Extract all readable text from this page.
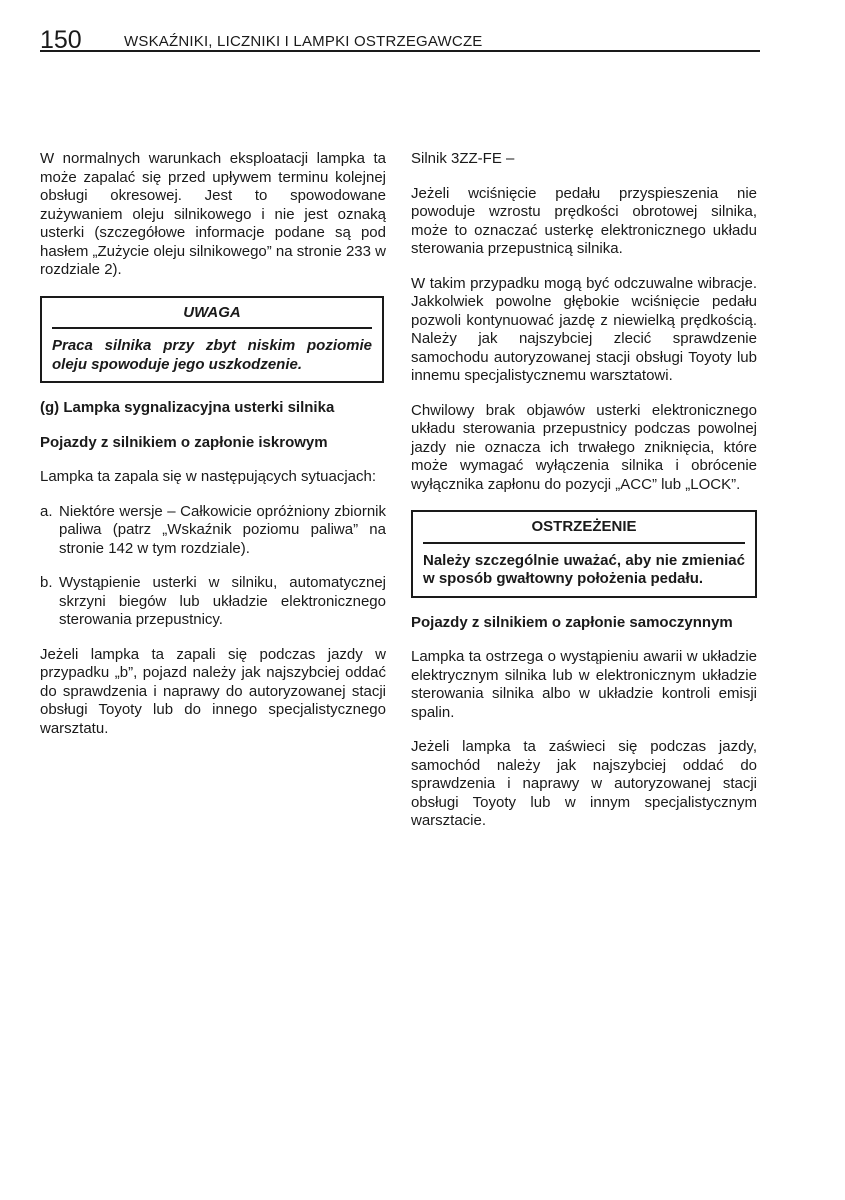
150	WSKAŹNIKI, LICZNIKI I LAMPKI OSTRZEGAWCZE

W normalnych warunkach eksploatacji lampka ta może zapalać się przed upływem terminu kolejnej obsługi okresowej. Jest to spowodowane zużywaniem oleju silnikowego i nie jest oznaką usterki (szczegółowe informacje podane są pod hasłem „Zużycie oleju silnikowego” na stronie 233 w rozdziale 2).

UWAGA
Praca silnika przy zbyt niskim poziomie oleju spowoduje jego uszkodzenie.

(g) Lampka sygnalizacyjna usterki silnika

Pojazdy z silnikiem o zapłonie iskrowym

Lampka ta zapala się w następujących sytuacjach:

a. Niektóre wersje – Całkowicie opróżniony zbiornik paliwa (patrz „Wskaźnik poziomu paliwa” na stronie 142 w tym rozdziale).
b. Wystąpienie usterki w silniku, automatycznej skrzyni biegów lub układzie elektronicznego sterowania przepustnicy.

Jeżeli lampka ta zapali się podczas jazdy w przypadku „b”, pojazd należy jak najszybciej oddać do sprawdzenia i naprawy do autoryzowanej stacji obsługi Toyoty lub do innego specjalistycznego warsztatu.

Silnik 3ZZ-FE –

Jeżeli wciśnięcie pedału przyspieszenia nie powoduje wzrostu prędkości obrotowej silnika, może to oznaczać usterkę elektronicznego układu sterowania przepustnicą silnika.

W takim przypadku mogą być odczuwalne wibracje. Jakkolwiek powolne głębokie wciśnięcie pedału pozwoli kontynuować jazdę z niewielką prędkością. Należy jak najszybciej zlecić sprawdzenie samochodu autoryzowanej stacji obsługi Toyoty lub innemu specjalistycznemu warsztatowi.

Chwilowy brak objawów usterki elektronicznego układu sterowania przepustnicy podczas powolnej jazdy nie oznacza ich trwałego zniknięcia, które może wymagać wyłączenia silnika i obrócenie wyłącznika zapłonu do pozycji „ACC” lub „LOCK”.

OSTRZEŻENIE
Należy szczególnie uważać, aby nie zmieniać w sposób gwałtowny położenia pedału.

Pojazdy z silnikiem o zapłonie samoczynnym

Lampka ta ostrzega o wystąpieniu awarii w układzie elektrycznym silnika lub w elektronicznym układzie sterowania silnika albo w układzie kontroli emisji spalin.

Jeżeli lampka ta zaświeci się podczas jazdy, samochód należy jak najszybciej oddać do sprawdzenia i naprawy w autoryzowanej stacji obsługi Toyoty lub w innym specjalistycznym warsztacie.
